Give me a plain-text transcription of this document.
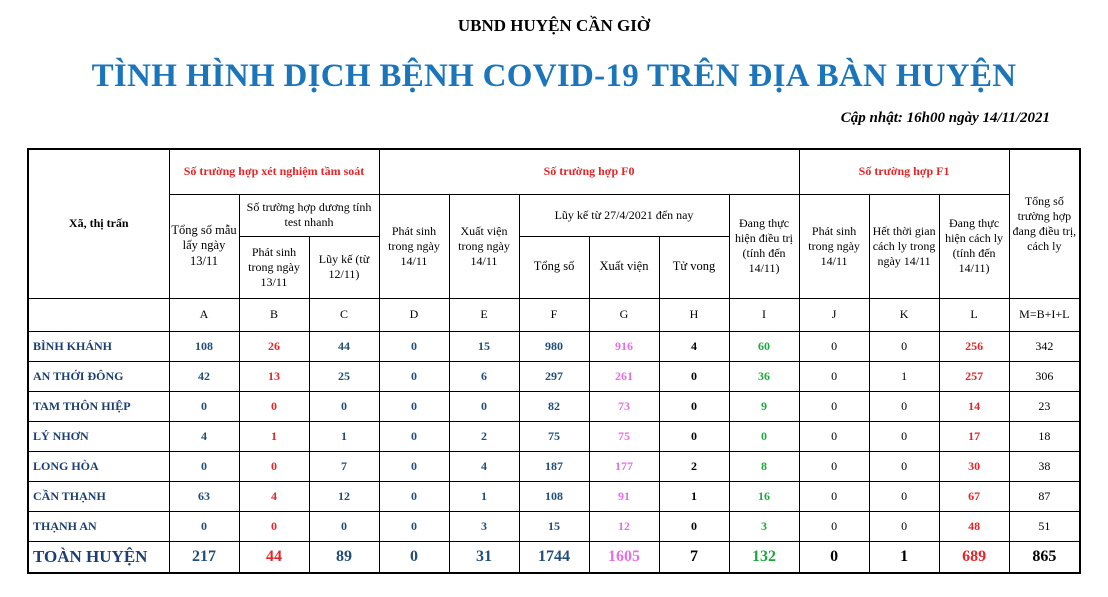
UBND HUYỆN CẦN GIỜ
TÌNH HÌNH DỊCH BỆNH COVID-19 TRÊN ĐỊA BÀN HUYỆN
Cập nhật: 16h00 ngày 14/11/2021
Xã, thị trấn	Số trường hợp xét nghiệm tầm soát			Số trường hợp F0						Số trường hợp F1			Tổng số trường hợp đang điều trị, cách ly
	Tổng số mẫu lấy ngày 13/11	Số trường hợp dương tính test nhanh		Phát sinh trong ngày 14/11	Xuất viện trong ngày 14/11	Lũy kế từ 27/4/2021 đến nay			Đang thực hiện điều trị (tính đến 14/11)	Phát sinh trong ngày 14/11	Hết thời gian cách ly trong ngày 14/11	Đang thực hiện cách ly (tính đến 14/11)	
		Phát sinh trong ngày 13/11	Lũy kế (từ 12/11)			Tổng số	Xuất viện	Tử vong					
	A	B	C	D	E	F	G	H	I	J	K	L	M=B+I+L
BÌNH KHÁNH	108	26	44	0	15	980	916	4	60	0	0	256	342
AN THỚI ĐÔNG	42	13	25	0	6	297	261	0	36	0	1	257	306
TAM THÔN HIỆP	0	0	0	0	0	82	73	0	9	0	0	14	23
LÝ NHƠN	4	1	1	0	2	75	75	0	0	0	0	17	18
LONG HÒA	0	0	7	0	4	187	177	2	8	0	0	30	38
CẦN THẠNH	63	4	12	0	1	108	91	1	16	0	0	67	87
THẠNH AN	0	0	0	0	3	15	12	0	3	0	0	48	51
TOÀN HUYỆN	217	44	89	0	31	1744	1605	7	132	0	1	689	865
